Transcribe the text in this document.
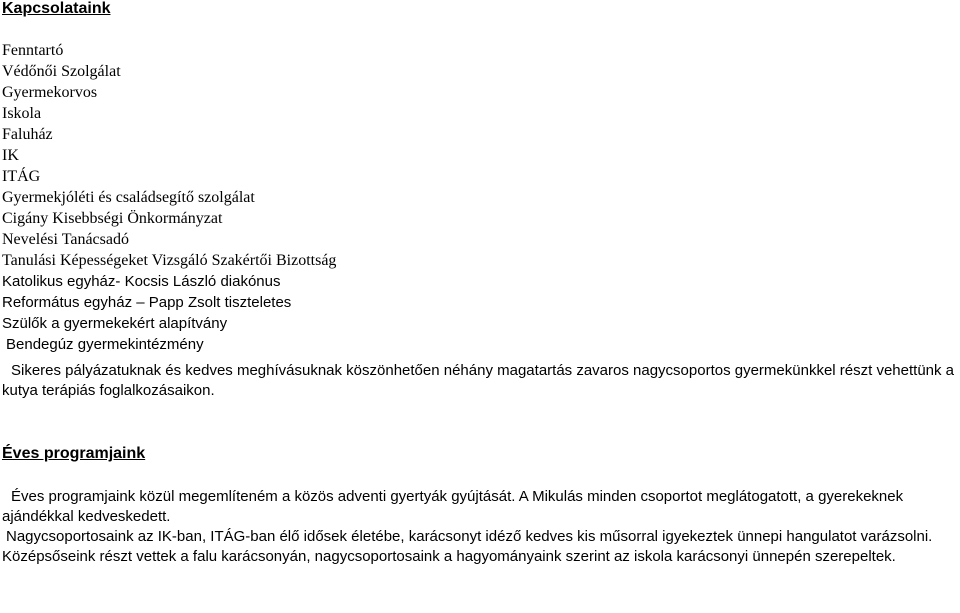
Kapcsolataink
Fenntartó
Védőnői Szolgálat
Gyermekorvos
Iskola
Faluház
IK
ITÁG
Gyermekjóléti és családsegítő szolgálat
Cigány Kisebbségi Önkormányzat
Nevelési Tanácsadó
Tanulási Képességeket Vizsgáló Szakértői Bizottság
Katolikus egyház- Kocsis László diakónus
Református egyház – Papp Zsolt tiszteletes
Szülők a gyermekekért alapítvány
Bendegúz gyermekintézmény

Sikeres pályázatuknak és kedves meghívásuknak köszönhetően néhány magatartás zavaros nagycsoportos gyermekünkkel részt vehettünk a kutya terápiás foglalkozásaikon.

Éves programjaink

Éves programjaink közül megemlíteném a közös adventi gyertyák gyújtását. A Mikulás minden csoportot meglátogatott, a gyerekeknek ajándékkal kedveskedett.

Nagycsoportosaink az IK-ban, ITÁG-ban élő idősek életébe, karácsonyt idéző kedves kis műsorral igyekeztek ünnepi hangulatot varázsolni.

Középsőseink részt vettek a falu karácsonyán, nagycsoportosaink a hagyományaink szerint az iskola karácsonyi ünnepén szerepeltek.
